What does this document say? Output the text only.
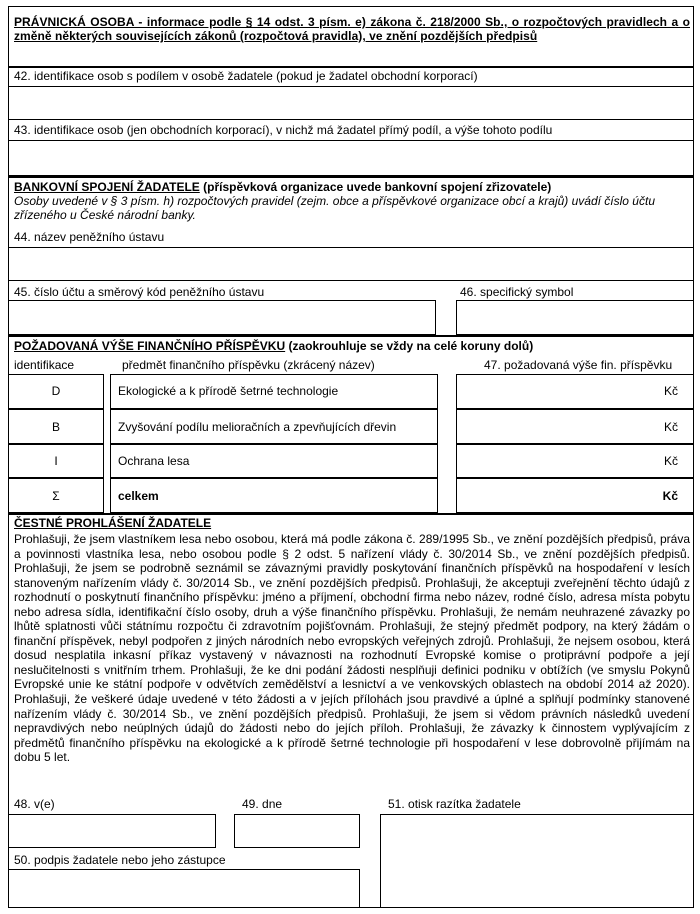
PRÁVNICKÁ OSOBA - informace podle § 14 odst. 3 písm. e) zákona č. 218/2000 Sb., o rozpočtových pravidlech a o změně některých souvisejících zákonů (rozpočtová pravidla), ve znění pozdějších předpisů
42. identifikace osob s podílem v osobě žadatele (pokud je žadatel obchodní korporací)
43. identifikace osob (jen obchodních korporací), v nichž má žadatel přímý podíl, a výše tohoto podílu
BANKOVNÍ SPOJENÍ ŽADATELE (příspěvková organizace uvede bankovní spojení zřizovatele)
Osoby uvedené v § 3 písm. h) rozpočtových pravidel (zejm. obce a příspěvkové organizace obcí a krajů) uvádí číslo účtu zřízeného u České národní banky.
44. název peněžního ústavu
45. číslo účtu a směrový kód peněžního ústavu	46. specifický symbol
POŽADOVANÁ VÝŠE FINANČNÍHO PŘÍSPĚVKU (zaokrouhluje se vždy na celé koruny dolů)
identifikace	předmět finančního příspěvku (zkrácený název)	47. požadovaná výše fin. příspěvku
D	Ekologické a k přírodě šetrné technologie	Kč
B	Zvyšování podílu melioračních a zpevňujících dřevin	Kč
I	Ochrana lesa	Kč
Σ	celkem	Kč
ČESTNÉ PROHLÁŠENÍ ŽADATELE
Prohlašuji, že jsem vlastníkem lesa nebo osobou, která má podle zákona č. 289/1995 Sb., ve znění pozdějších předpisů, práva a povinnosti vlastníka lesa, nebo osobou podle § 2 odst. 5 nařízení vlády č. 30/2014 Sb., ve znění pozdějších předpisů. Prohlašuji, že jsem se podrobně seznámil se závaznými pravidly poskytování finančních příspěvků na hospodaření v lesích stanoveným nařízením vlády č. 30/2014 Sb., ve znění pozdějších předpisů. Prohlašuji, že akceptuji zveřejnění těchto údajů z rozhodnutí o poskytnutí finančního příspěvku: jméno a příjmení, obchodní firma nebo název, rodné číslo, adresa místa pobytu nebo adresa sídla, identifikační číslo osoby, druh a výše finančního příspěvku. Prohlašuji, že nemám neuhrazené závazky po lhůtě splatnosti vůči státnímu rozpočtu či zdravotním pojišťovnám. Prohlašuji, že stejný předmět podpory, na který žádám o finanční příspěvek, nebyl podpořen z jiných národních nebo evropských veřejných zdrojů. Prohlašuji, že nejsem osobou, která dosud nesplatila inkasní příkaz vystavený v návaznosti na rozhodnutí Evropské komise o protiprávní podpoře a její neslučitelnosti s vnitřním trhem. Prohlašuji, že ke dni podání žádosti nesplňuji definici podniku v obtížích (ve smyslu Pokynů Evropské unie ke státní podpoře v odvětvích zemědělství a lesnictví a ve venkovských oblastech na období 2014 až 2020). Prohlašuji, že veškeré údaje uvedené v této žádosti a v jejích přílohách jsou pravdivé a úplné a splňují podmínky stanovené nařízením vlády č. 30/2014 Sb., ve znění pozdějších předpisů. Prohlašuji, že jsem si vědom právních následků uvedení nepravdivých nebo neúplných údajů do žádosti nebo do jejích příloh. Prohlašuji, že závazky k činnostem vyplývajícím z předmětů finančního příspěvku na ekologické a k přírodě šetrné technologie při hospodaření v lese dobrovolně přijímám na dobu 5 let.
48. v(e)	49. dne	51. otisk razítka žadatele
50. podpis žadatele nebo jeho zástupce
